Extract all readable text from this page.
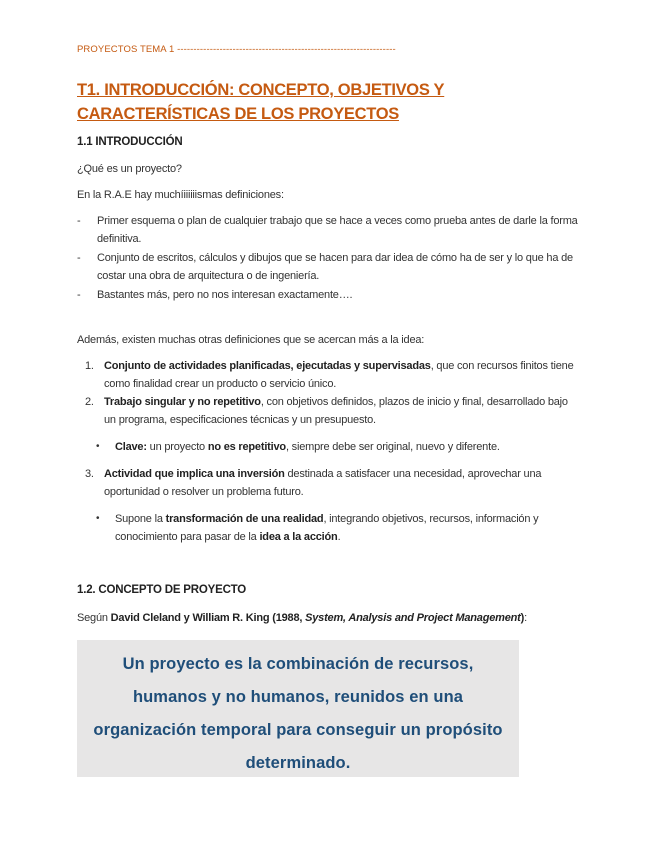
PROYECTOS TEMA 1 -------------------------------------------------------------------
T1. INTRODUCCIÓN: CONCEPTO, OBJETIVOS Y CARACTERÍSTICAS DE LOS PROYECTOS
1.1 INTRODUCCIÓN
¿Qué es un proyecto?
En la R.A.E hay muchíiiiiiismas definiciones:
- Primer esquema o plan de cualquier trabajo que se hace a veces como prueba antes de darle la forma definitiva.
- Conjunto de escritos, cálculos y dibujos que se hacen para dar idea de cómo ha de ser y lo que ha de costar una obra de arquitectura o de ingeniería.
- Bastantes más, pero no nos interesan exactamente….
Además, existen muchas otras definiciones que se acercan más a la idea:
1. Conjunto de actividades planificadas, ejecutadas y supervisadas, que con recursos finitos tiene como finalidad crear un producto o servicio único.
2. Trabajo singular y no repetitivo, con objetivos definidos, plazos de inicio y final, desarrollado bajo un programa, especificaciones técnicas y un presupuesto.
• Clave: un proyecto no es repetitivo, siempre debe ser original, nuevo y diferente.
3. Actividad que implica una inversión destinada a satisfacer una necesidad, aprovechar una oportunidad o resolver un problema futuro.
• Supone la transformación de una realidad, integrando objetivos, recursos, información y conocimiento para pasar de la idea a la acción.
1.2. CONCEPTO DE PROYECTO
Según David Cleland y William R. King (1988, System, Analysis and Project Management):
Un proyecto es la combinación de recursos, humanos y no humanos, reunidos en una organización temporal para conseguir un propósito determinado.
